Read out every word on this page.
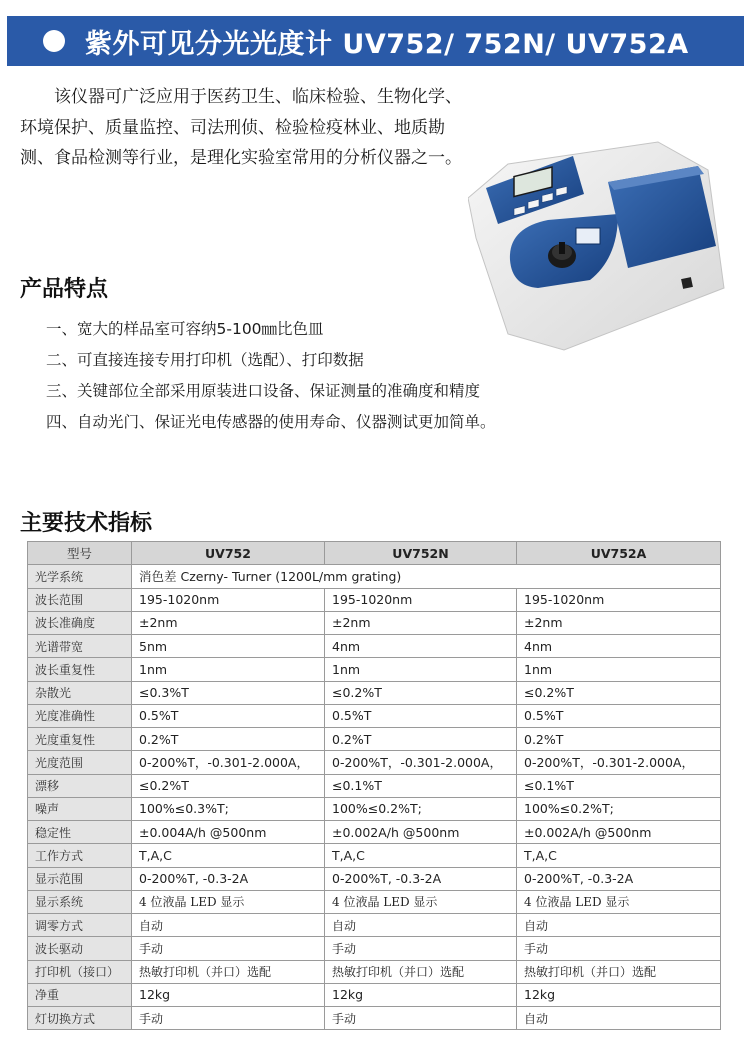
紫外可见分光光度计 UV752/ 752N/ UV752A

该仪器可广泛应用于医药卫生、临床检验、生物化学、环境保护、质量监控、司法刑侦、检验检疫林业、地质勘测、食品检测等行业，是理化实验室常用的分析仪器之一。

产品特点
一、宽大的样品室可容纳5-100㎜比色皿
二、可直接连接专用打印机（选配）、打印数据
三、关键部位全部采用原装进口设备、保证测量的准确度和精度
四、自动光门、保证光电传感器的使用寿命、仪器测试更加简单。
主要技术指标
型号	UV752	UV752N	UV752A
光学系统	消色差 Czerny- Turner (1200L/mm grating)		
波长范围	195-1020nm	195-1020nm	195-1020nm
波长准确度	±2nm	±2nm	±2nm
光谱带宽	5nm	4nm	4nm
波长重复性	1nm	1nm	1nm
杂散光	≤0.3%T	≤0.2%T	≤0.2%T
光度准确性	0.5%T	0.5%T	0.5%T
光度重复性	0.2%T	0.2%T	0.2%T
光度范围	0-200%T，-0.301-2.000A，	0-200%T，-0.301-2.000A，	0-200%T，-0.301-2.000A，
漂移	≤0.2%T	≤0.1%T	≤0.1%T
噪声	100%≤0.3%T;	100%≤0.2%T;	100%≤0.2%T;
稳定性	±0.004A/h @500nm	±0.002A/h @500nm	±0.002A/h @500nm
工作方式	T,A,C	T,A,C	T,A,C
显示范围	0-200%T, -0.3-2A	0-200%T, -0.3-2A	0-200%T, -0.3-2A
显示系统	4 位液晶 LED 显示	4 位液晶 LED 显示	4 位液晶 LED 显示
调零方式	自动	自动	自动
波长驱动	手动	手动	手动
打印机（接口）	热敏打印机（并口）选配	热敏打印机（并口）选配	热敏打印机（并口）选配
净重	12kg	12kg	12kg
灯切换方式	手动	手动	自动
